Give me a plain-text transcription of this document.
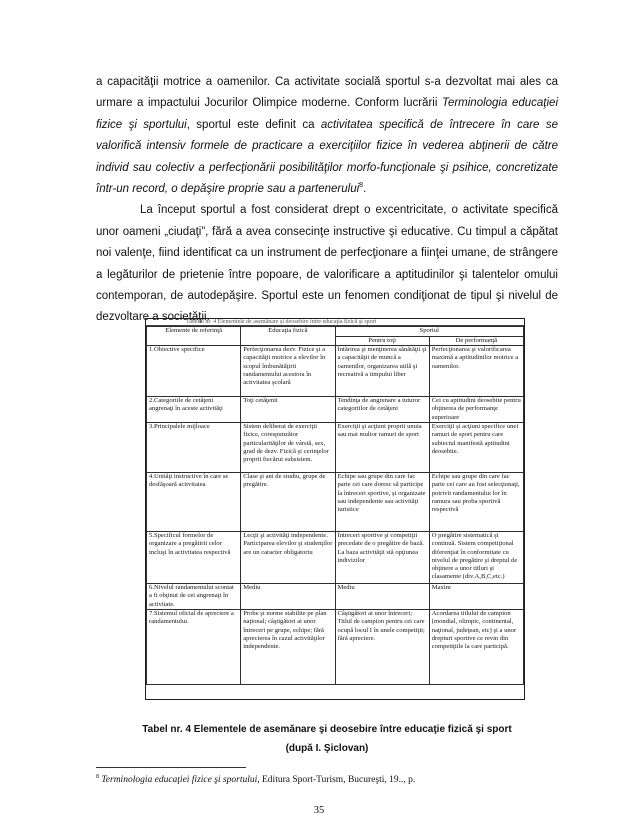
a capacităţii motrice a oamenilor. Ca activitate socială sportul s-a dezvoltat mai ales ca urmare a impactului Jocurilor Olimpice moderne. Conform lucrării Terminologia educaţiei fizice şi sportului, sportul este definit ca activitatea specifică de întrecere în care se valorifică intensiv formele de practicare a exerciţiilor fizice în vederea abţinerii de către individ sau colectiv a perfecţionării posibilităţilor morfo-funcţionale şi psihice, concretizate într-un record, o depăşire proprie sau a partenerului$^8$.

La început sportul a fost considerat drept o excentricitate, o activitate specifică unor oameni „ciudaţi”, fără a avea consecinţe instructive şi educative. Cu timpul a căpătat noi valenţe, fiind identificat ca un instrument de perfecţionare a fiinţei umane, de strângere a legăturilor de prietenie între popoare, de valorificare a aptitudinilor şi talentelor omului contemporan, de autodepăşire. Sportul este un fenomen condiţionat de tipul şi nivelul de dezvoltare a societăţii.

Tabelul nr. 4 Elementele de asemănare şi deosebire între educaţia fizică şi sport
Elemente de referinţă	Educaţia fizică	Sportul	
		Pentru toţi	De performanţă
1.Obiective specifice	Perfecţionarea dezv. Fizice şi a capacităţii motrice a elevilor în scopul îmbunătăţirii randamentului acestora în activitatea şcolară	Întărirea şi menţinerea sănătăţii şi a capacităţii de muncă a oamenilor, organizarea utilă şi recreativă a timpului liber	Perfecţionarea şi valorificarea maximă a aptitudinilor motrice a oamenilor.
2.Categoriile de cetăţeni angrenaţi în aceste activităţi	Toţi cetăţenii	Tendinţa de angrenare a tuturor categoriilor de cetăţeni	Cei cu aptitudini deosebite pentru obţinerea de performanţe superioare
3.Principalele mijloace	Sistem deliberat de exerciţii fizice, corespunzător particularităţilor de vârstă, sex, grad de dezv. Fizică şi cerinţelor proprii fiecărui subsistem.	Exerciţii şi acţiuni proprii unuia sau mai multor ramuri de sport	Exerciţii şi acţiuni specifice unei ramuri de sport pentru care subiectul manifestă aptitudini deosebite.
4.Unităţi instructive în care se desfăşoară activitatea	Clase şi ani de studiu, grupe de pregătire.	Echipe sau grupe din care fac parte cei care doresc să participe la întreceri sportive, şi organizate sau independente sau activităţi turistice	Echipe sau grupe din care fac parte cei care au fost selecţionaţi, potrivit randamentului lor în ramura sau proba sportivă respectivă
5.Specificul formelor de organizare a pregătirii celor incluşi în activitatea respectivă	Lecţii şi activităţi independente. Participarea elevilor şi studenţilor are un caracter obligatoriu	Întreceri sportive şi competiţii precedate de o pregătire de bază. La baza activităţii stă opţiunea indivizilor	O pregătire sistematică şi continuă. Sistem competiţional diferenţiat în conformitate cu nivelul de pregătire şi dreptul de obţinere a unor titluri şi clasamente (div.A,B,C,etc.)
6.Nivelul randamentului scontat a fi obţinut de cei angrenaţi în activitate.	Mediu	Mediu	Maxim
7.Sistemul oficial de apreciere a randamentului.	Probe şi norme stabilite pe plan naţional; câştigători ai unor întreceri pe grupe, echipe; fără aprecierea în cazul activităţilor independente.	Câştigători ai unor întreceri; Titlul de campion pentru cei care ocupă locul I în unele competiţii; fără apreciere.	Acordarea titlului de campion (mondial, olimpic, continental, naţional, judeţean, etc) şi a unor drepturi sportive ce revin din competiţiile la care participă.
Tabel nr. 4 Elementele de asemănare şi deosebire între educaţie fizică şi sport
(după I. Şiclovan)
$^8$ Terminologia educaţiei fizice şi sportului, Editura Sport-Turism, Bucureşti, 19.., p.
35
